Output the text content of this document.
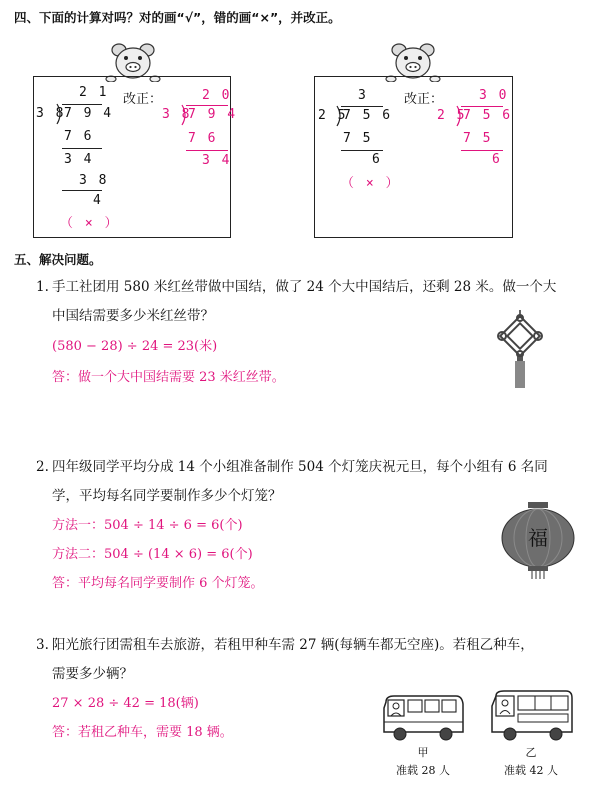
四、下面的计算对吗？对的画“√”，错的画“×”，并改正。
2 1
3 8
7 9 4
7 6
3 4
3 8
4
（ × ）
改正：	2 0
3 8
7 9 4
7 6
3 4
3
2 5
7 5 6
7 5
6
（ × ）
改正：	3 0
2 5
7 5 6
7 5
6
五、解决问题。
1. 手工社团用 580 米红丝带做中国结，做了 24 个大中国结后，还剩 28 米。做一个大
中国结需要多少米红丝带？
(580 − 28) ÷ 24 = 23(米)
答：做一个大中国结需要 23 米红丝带。
2. 四年级同学平均分成 14 个小组准备制作 504 个灯笼庆祝元旦，每个小组有 6 名同
学，平均每名同学要制作多少个灯笼？
方法一：504 ÷ 14 ÷ 6 = 6(个)
方法二：504 ÷ (14 × 6) = 6(个)
答：平均每名同学要制作 6 个灯笼。
福
3. 阳光旅行团需租车去旅游，若租甲种车需 27 辆(每辆车都无空座)。若租乙种车，
需要多少辆？
27 × 28 ÷ 42 = 18(辆)
答：若租乙种车，需要 18 辆。
甲
准载 28 人
乙
准载 42 人
